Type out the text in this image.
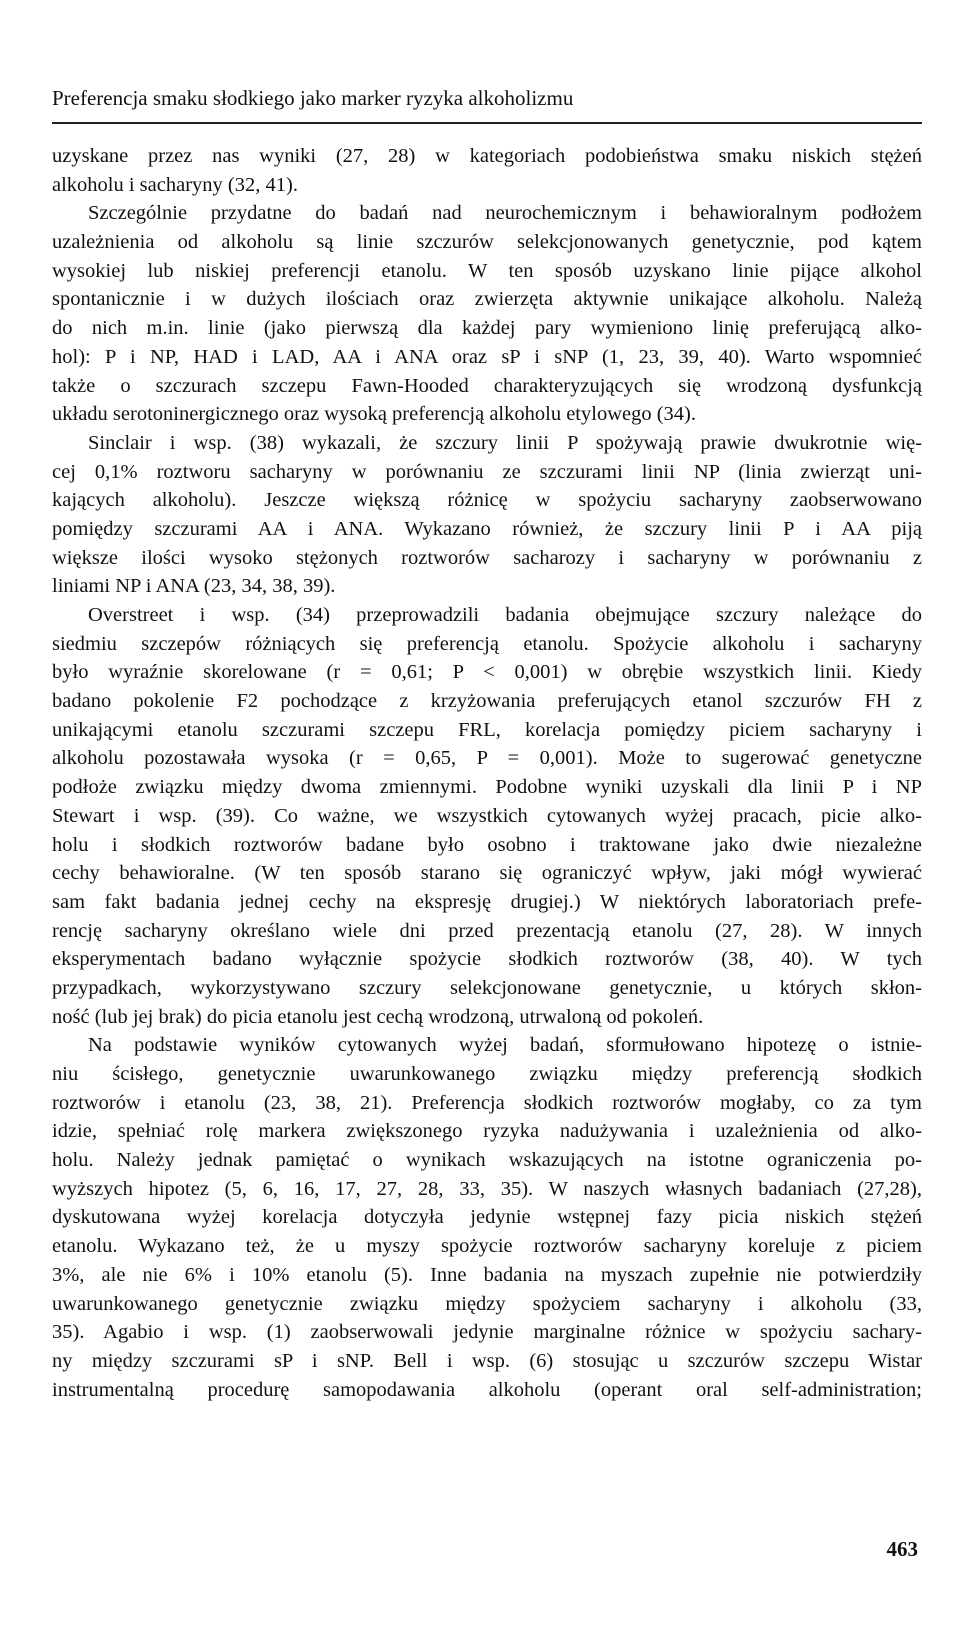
Preferencja smaku słodkiego jako marker ryzyka alkoholizmu
uzyskane przez nas wyniki (27, 28) w kategoriach podobieństwa smaku niskich stężeń
alkoholu i sacharyny (32, 41).
Szczególnie przydatne do badań nad neurochemicznym i behawioralnym podłożem
uzależnienia od alkoholu są linie szczurów selekcjonowanych genetycznie, pod kątem
wysokiej lub niskiej preferencji etanolu. W ten sposób uzyskano linie pijące alkohol
spontanicznie i w dużych ilościach oraz zwierzęta aktywnie unikające alkoholu. Należą
do nich m.in. linie (jako pierwszą dla każdej pary wymieniono linię preferującą alko-
hol): P i NP, HAD i LAD, AA i ANA oraz sP i sNP (1, 23, 39, 40). Warto wspomnieć
także o szczurach szczepu Fawn-Hooded charakteryzujących się wrodzoną dysfunkcją
układu serotoninergicznego oraz wysoką preferencją alkoholu etylowego (34).
Sinclair i wsp. (38) wykazali, że szczury linii P spożywają prawie dwukrotnie wię-
cej 0,1% roztworu sacharyny w porównaniu ze szczurami linii NP (linia zwierząt uni-
kających alkoholu). Jeszcze większą różnicę w spożyciu sacharyny zaobserwowano
pomiędzy szczurami AA i ANA. Wykazano również, że szczury linii P i AA piją
większe ilości wysoko stężonych roztworów sacharozy i sacharyny w porównaniu z
liniami NP i ANA (23, 34, 38, 39).
Overstreet i wsp. (34) przeprowadzili badania obejmujące szczury należące do
siedmiu szczepów różniących się preferencją etanolu. Spożycie alkoholu i sacharyny
było wyraźnie skorelowane (r = 0,61; P < 0,001) w obrębie wszystkich linii. Kiedy
badano pokolenie F2 pochodzące z krzyżowania preferujących etanol szczurów FH z
unikającymi etanolu szczurami szczepu FRL, korelacja pomiędzy piciem sacharyny i
alkoholu pozostawała wysoka (r = 0,65, P = 0,001). Może to sugerować genetyczne
podłoże związku między dwoma zmiennymi. Podobne wyniki uzyskali dla linii P i NP
Stewart i wsp. (39). Co ważne, we wszystkich cytowanych wyżej pracach, picie alko-
holu i słodkich roztworów badane było osobno i traktowane jako dwie niezależne
cechy behawioralne. (W ten sposób starano się ograniczyć wpływ, jaki mógł wywierać
sam fakt badania jednej cechy na ekspresję drugiej.) W niektórych laboratoriach prefe-
rencję sacharyny określano wiele dni przed prezentacją etanolu (27, 28). W innych
eksperymentach badano wyłącznie spożycie słodkich roztworów (38, 40). W tych
przypadkach, wykorzystywano szczury selekcjonowane genetycznie, u których skłon-
ność (lub jej brak) do picia etanolu jest cechą wrodzoną, utrwaloną od pokoleń.
Na podstawie wyników cytowanych wyżej badań, sformułowano hipotezę o istnie-
niu ścisłego, genetycznie uwarunkowanego związku między preferencją słodkich
roztworów i etanolu (23, 38, 21). Preferencja słodkich roztworów mogłaby, co za tym
idzie, spełniać rolę markera zwiększonego ryzyka nadużywania i uzależnienia od alko-
holu. Należy jednak pamiętać o wynikach wskazujących na istotne ograniczenia po-
wyższych hipotez (5, 6, 16, 17, 27, 28, 33, 35). W naszych własnych badaniach (27,28),
dyskutowana wyżej korelacja dotyczyła jedynie wstępnej fazy picia niskich stężeń
etanolu. Wykazano też, że u myszy spożycie roztworów sacharyny koreluje z piciem
3%, ale nie 6% i 10% etanolu (5). Inne badania na myszach zupełnie nie potwierdziły
uwarunkowanego genetycznie związku między spożyciem sacharyny i alkoholu (33,
35). Agabio i wsp. (1) zaobserwowali jedynie marginalne różnice w spożyciu sachary-
ny między szczurami sP i sNP. Bell i wsp. (6) stosując u szczurów szczepu Wistar
instrumentalną procedurę samopodawania alkoholu (operant oral self-administration;
463
